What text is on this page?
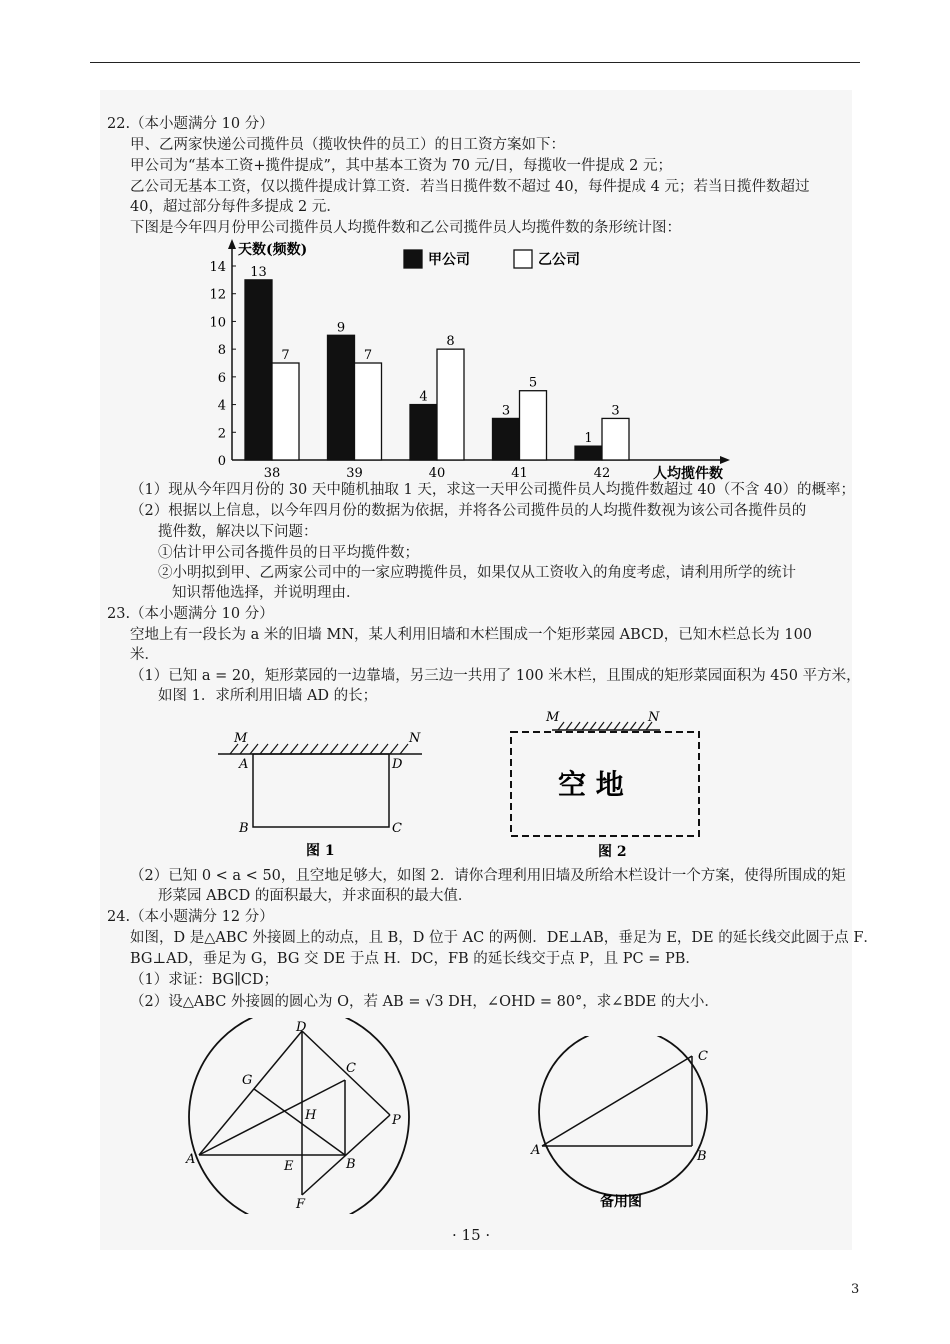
22.（本小题满分 10 分）
甲、乙两家快递公司揽件员（揽收快件的员工）的日工资方案如下：
甲公司为“基本工资+揽件提成”，其中基本工资为 70 元/日，每揽收一件提成 2 元；
乙公司无基本工资，仅以揽件提成计算工资．若当日揽件数不超过 40，每件提成 4 元；若当日揽件数超过
40，超过部分每件多提成 2 元．
下图是今年四月份甲公司揽件员人均揽件数和乙公司揽件员人均揽件数的条形统计图：
0
2
4
6
8
10
12
14
天数(频数)
人均揽件数
38	39	40	41	42
13
7
9
7
4
8
3
5
1
3
甲公司	乙公司
（1）现从今年四月份的 30 天中随机抽取 1 天，求这一天甲公司揽件员人均揽件数超过 40（不含 40）的概率；
（2）根据以上信息，以今年四月份的数据为依据，并将各公司揽件员的人均揽件数视为该公司各揽件员的
揽件数，解决以下问题：
①估计甲公司各揽件员的日平均揽件数；
②小明拟到甲、乙两家公司中的一家应聘揽件员，如果仅从工资收入的角度考虑，请利用所学的统计
知识帮他选择，并说明理由．
23.（本小题满分 10 分）
空地上有一段长为 a 米的旧墙 MN，某人利用旧墙和木栏围成一个矩形菜园 ABCD，已知木栏总长为 100
米．
（1）已知 a = 20，矩形菜园的一边靠墙，另三边一共用了 100 米木栏，且围成的矩形菜园面积为 450 平方米，
如图 1．求所利用旧墙 AD 的长；
M	N
A	D
B	C
图 1
M	N
空 地
图 2
（2）已知 0 < a < 50，且空地足够大，如图 2．请你合理利用旧墙及所给木栏设计一个方案，使得所围成的矩
形菜园 ABCD 的面积最大，并求面积的最大值．
24.（本小题满分 12 分）
如图，D 是△ABC 外接圆上的动点，且 B，D 位于 AC 的两侧．DE⊥AB，垂足为 E，DE 的延长线交此圆于点 F．
BG⊥AD，垂足为 G，BG 交 DE 于点 H．DC，FB 的延长线交于点 P，且 PC = PB．
（1）求证：BG∥CD；
（2）设△ABC 外接圆的圆心为 O，若 AB = √3 DH，∠OHD = 80°，求∠BDE 的大小．
D
G
C
H	P
A	E	B
F
C
A	B
备用图
· 15 ·
3
